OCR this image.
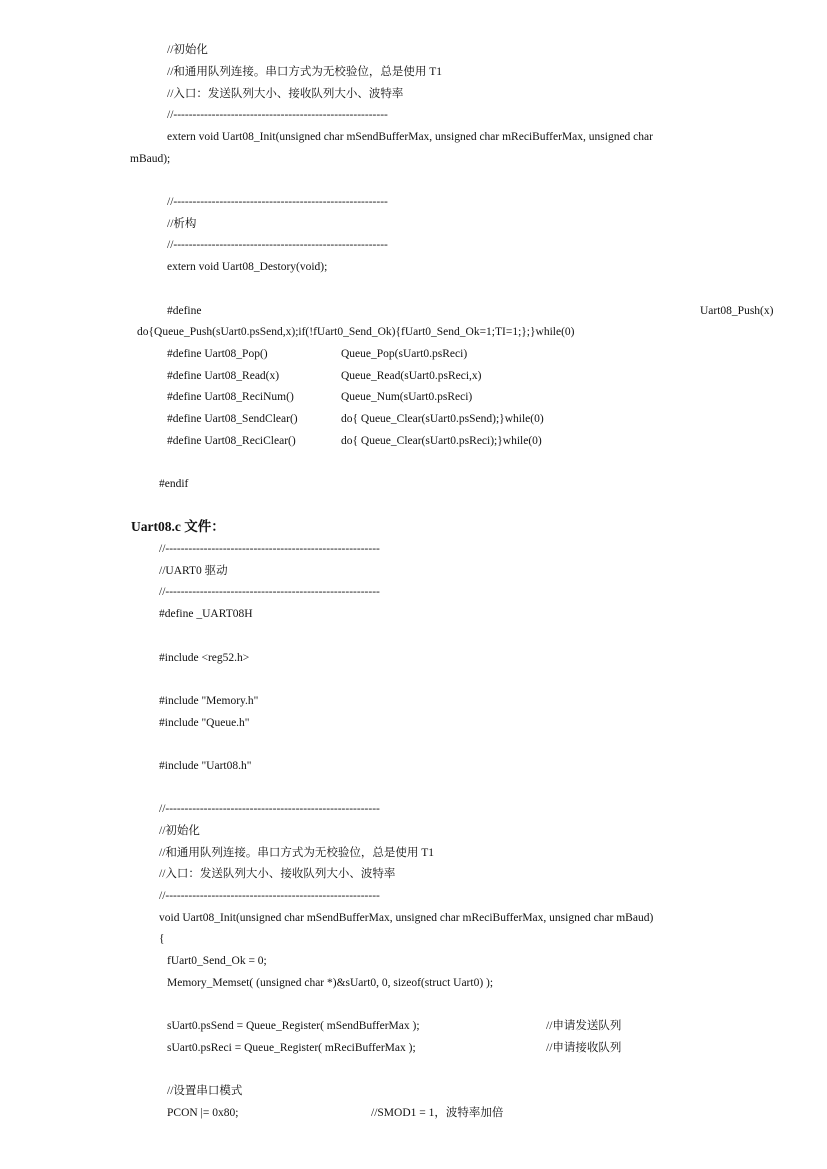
//初始化
//和通用队列连接。串口方式为无校验位，总是使用 T1
//入口：发送队列大小、接收队列大小、波特率
//--------------------------------------------------------
extern void Uart08_Init(unsigned char mSendBufferMax, unsigned char mReciBufferMax, unsigned char
mBaud);
//--------------------------------------------------------
//析构
//--------------------------------------------------------
extern void Uart08_Destory(void);
#define	Uart08_Push(x)
do{Queue_Push(sUart0.psSend,x);if(!fUart0_Send_Ok){fUart0_Send_Ok=1;TI=1;};}while(0)
#define Uart08_Pop()	Queue_Pop(sUart0.psReci)
#define Uart08_Read(x)	Queue_Read(sUart0.psReci,x)
#define Uart08_ReciNum()	Queue_Num(sUart0.psReci)
#define Uart08_SendClear()	do{ Queue_Clear(sUart0.psSend);}while(0)
#define Uart08_ReciClear()	do{ Queue_Clear(sUart0.psReci);}while(0)
#endif
Uart08.c 文件：
//--------------------------------------------------------
//UART0 驱动
//--------------------------------------------------------
#define _UART08H
#include <reg52.h>
#include "Memory.h"
#include "Queue.h"
#include "Uart08.h"
//--------------------------------------------------------
//初始化
//和通用队列连接。串口方式为无校验位，总是使用 T1
//入口：发送队列大小、接收队列大小、波特率
//--------------------------------------------------------
void Uart08_Init(unsigned char mSendBufferMax, unsigned char mReciBufferMax, unsigned char mBaud)
{
fUart0_Send_Ok = 0;
Memory_Memset( (unsigned char *)&sUart0, 0, sizeof(struct Uart0) );
sUart0.psSend = Queue_Register( mSendBufferMax );	//申请发送队列
sUart0.psReci = Queue_Register( mReciBufferMax );	//申请接收队列
//设置串口模式
PCON |= 0x80;	//SMOD1 = 1，波特率加倍
